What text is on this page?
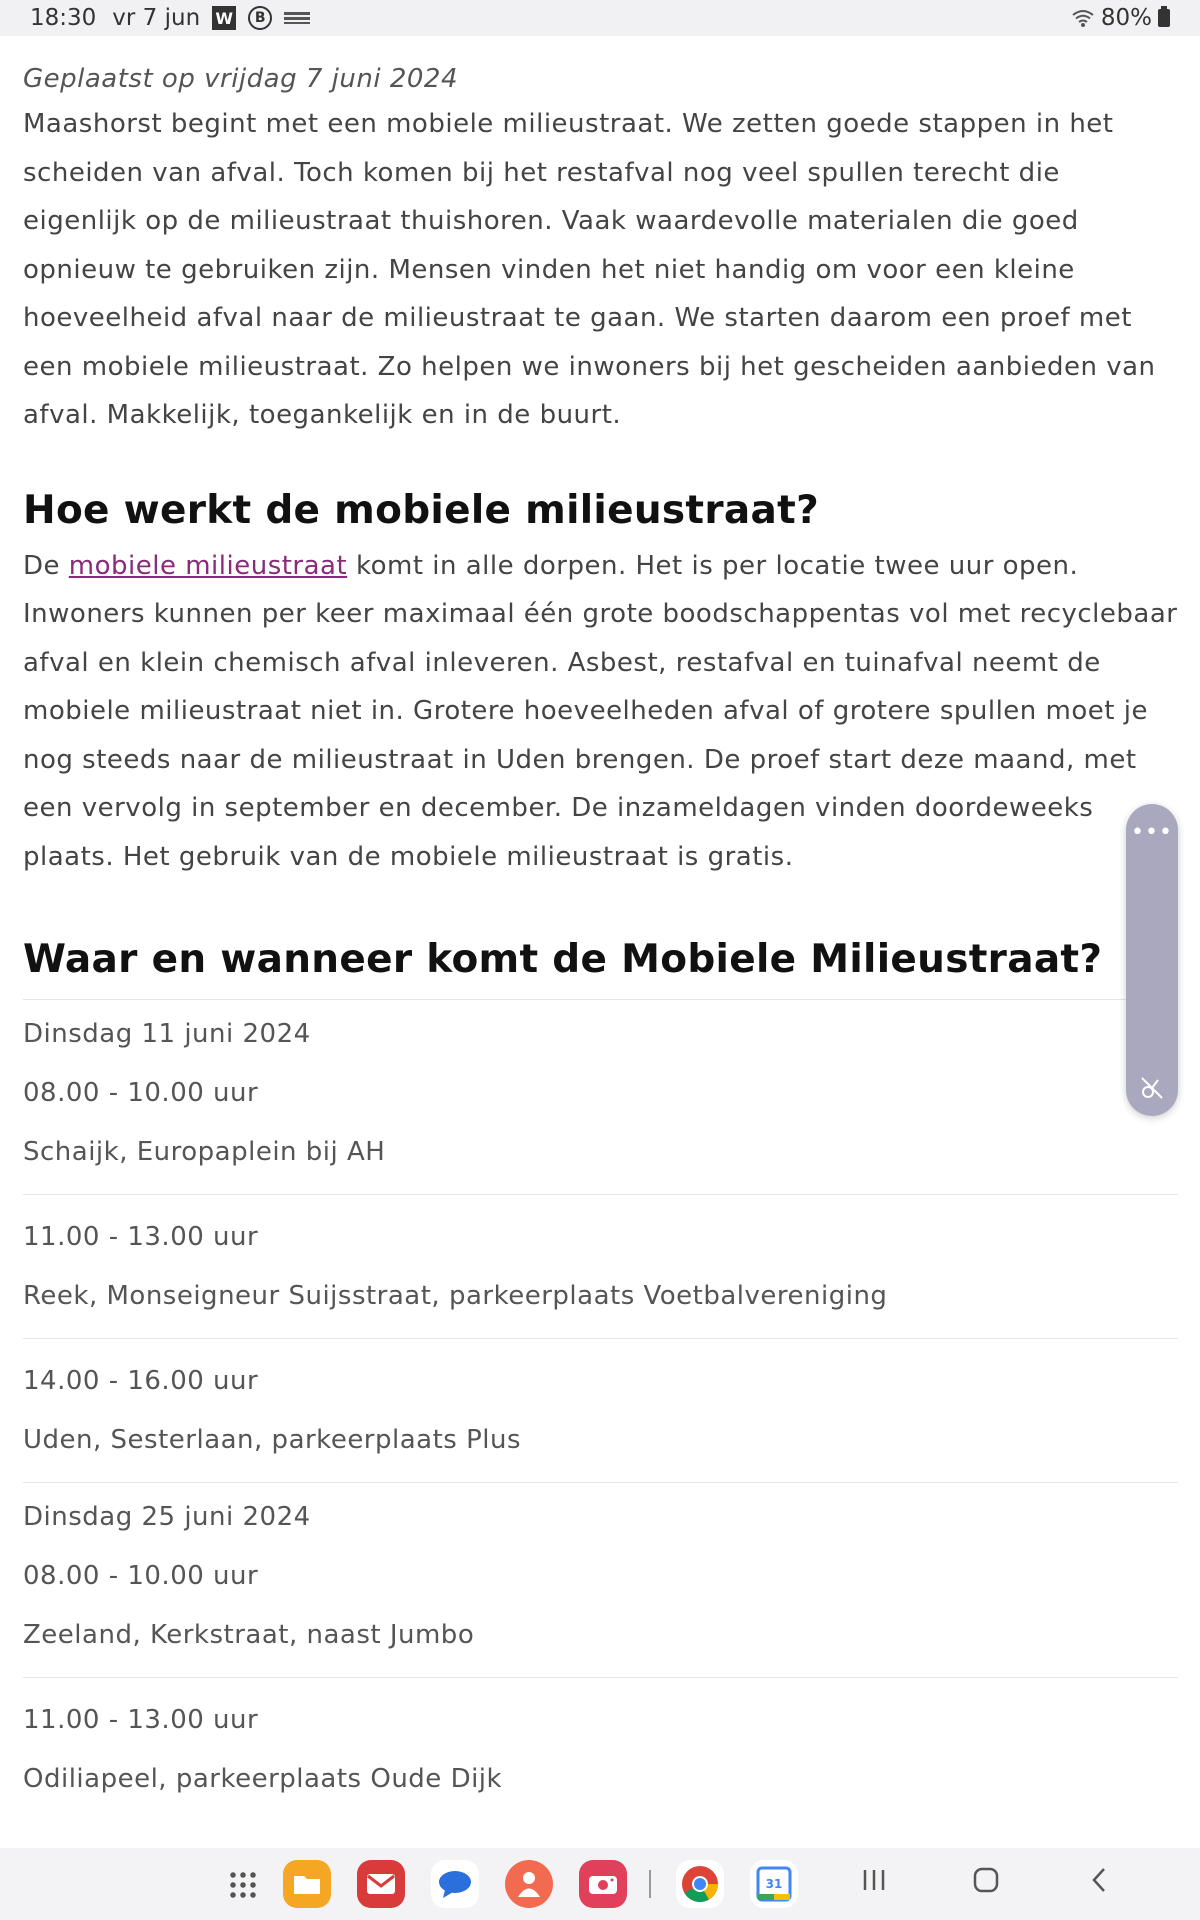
18:30 vr 7 jun W	B	80%
Geplaatst op vrijdag 7 juni 2024

Maashorst begint met een mobiele milieustraat. We zetten goede stappen in het scheiden van afval. Toch komen bij het restafval nog veel spullen terecht die eigenlijk op de milieustraat thuishoren. Vaak waardevolle materialen die goed opnieuw te gebruiken zijn. Mensen vinden het niet handig om voor een kleine hoeveelheid afval naar de milieustraat te gaan. We starten daarom een proef met een mobiele milieustraat. Zo helpen we inwoners bij het gescheiden aanbieden van afval. Makkelijk, toegankelijk en in de buurt.

Hoe werkt de mobiele milieustraat?

De mobiele milieustraat komt in alle dorpen. Het is per locatie twee uur open. Inwoners kunnen per keer maximaal één grote boodschappentas vol met recyclebaar afval en klein chemisch afval inleveren. Asbest, restafval en tuinafval neemt de mobiele milieustraat niet in. Grotere hoeveelheden afval of grotere spullen moet je nog steeds naar de milieustraat in Uden brengen. De proef start deze maand, met een vervolg in september en december. De inzameldagen vinden doordeweeks plaats. Het gebruik van de mobiele milieustraat is gratis.

Waar en wanneer komt de Mobiele Milieustraat?
Dinsdag 11 juni 2024
08.00 - 10.00 uur
Schaijk, Europaplein bij AH
11.00 - 13.00 uur
Reek, Monseigneur Suijsstraat, parkeerplaats Voetbalvereniging
14.00 - 16.00 uur
Uden, Sesterlaan, parkeerplaats Plus
Dinsdag 25 juni 2024
08.00 - 10.00 uur
Zeeland, Kerkstraat, naast Jumbo
11.00 - 13.00 uur
Odiliapeel, parkeerplaats Oude Dijk
•••
31
